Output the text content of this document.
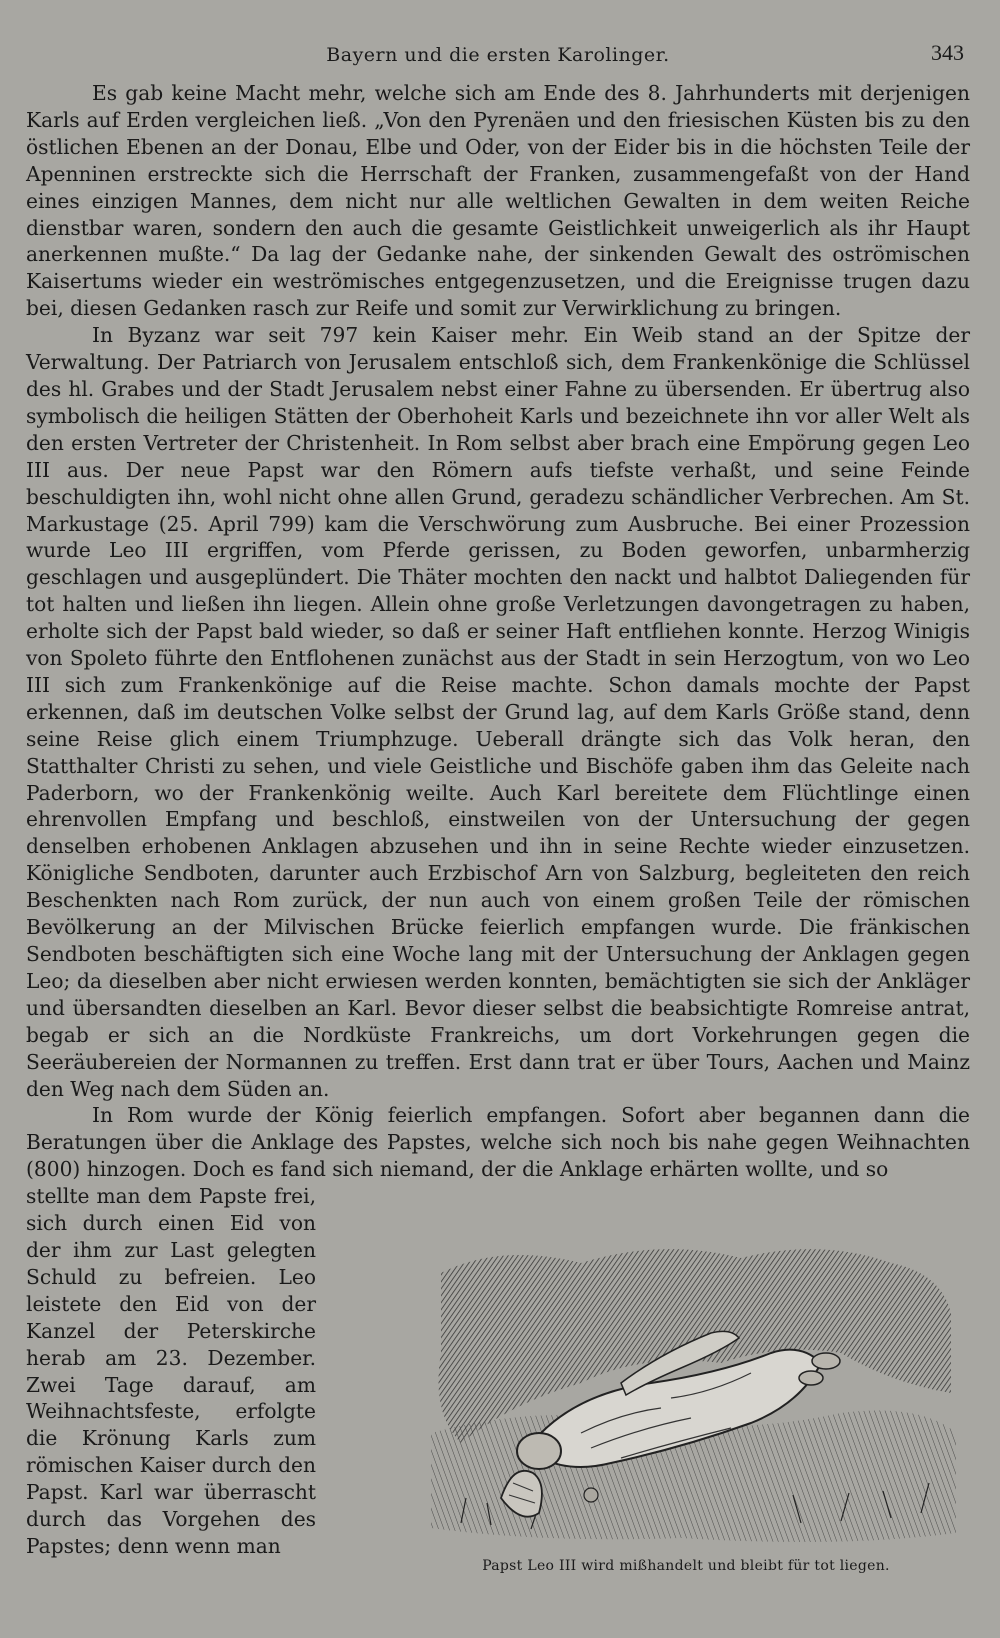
Bayern und die ersten Karolinger.	343

Es gab keine Macht mehr, welche sich am Ende des 8. Jahrhunderts mit derjenigen Karls auf Erden vergleichen ließ. „Von den Pyrenäen und den friesischen Küsten bis zu den östlichen Ebenen an der Donau, Elbe und Oder, von der Eider bis in die höchsten Teile der Apenninen erstreckte sich die Herrschaft der Franken, zusammengefaßt von der Hand eines einzigen Mannes, dem nicht nur alle weltlichen Gewalten in dem weiten Reiche dienstbar waren, sondern den auch die gesamte Geistlichkeit unweigerlich als ihr Haupt anerkennen mußte.“ Da lag der Gedanke nahe, der sinkenden Gewalt des oströmischen Kaisertums wieder ein weströmisches entgegenzusetzen, und die Ereignisse trugen dazu bei, diesen Gedanken rasch zur Reife und somit zur Verwirklichung zu bringen.

In Byzanz war seit 797 kein Kaiser mehr. Ein Weib stand an der Spitze der Verwaltung. Der Patriarch von Jerusalem entschloß sich, dem Frankenkönige die Schlüssel des hl. Grabes und der Stadt Jerusalem nebst einer Fahne zu übersenden. Er übertrug also symbolisch die heiligen Stätten der Oberhoheit Karls und bezeichnete ihn vor aller Welt als den ersten Vertreter der Christenheit. In Rom selbst aber brach eine Empörung gegen Leo III aus. Der neue Papst war den Römern aufs tiefste verhaßt, und seine Feinde beschuldigten ihn, wohl nicht ohne allen Grund, geradezu schändlicher Verbrechen. Am St. Markustage (25. April 799) kam die Verschwörung zum Ausbruche. Bei einer Prozession wurde Leo III ergriffen, vom Pferde gerissen, zu Boden geworfen, unbarmherzig geschlagen und ausgeplündert. Die Thäter mochten den nackt und halbtot Daliegenden für tot halten und ließen ihn liegen. Allein ohne große Verletzungen davongetragen zu haben, erholte sich der Papst bald wieder, so daß er seiner Haft entfliehen konnte. Herzog Winigis von Spoleto führte den Entflohenen zunächst aus der Stadt in sein Herzogtum, von wo Leo III sich zum Frankenkönige auf die Reise machte. Schon damals mochte der Papst erkennen, daß im deutschen Volke selbst der Grund lag, auf dem Karls Größe stand, denn seine Reise glich einem Triumphzuge. Ueberall drängte sich das Volk heran, den Statthalter Christi zu sehen, und viele Geistliche und Bischöfe gaben ihm das Geleite nach Paderborn, wo der Frankenkönig weilte. Auch Karl bereitete dem Flüchtlinge einen ehrenvollen Empfang und beschloß, einstweilen von der Untersuchung der gegen denselben erhobenen Anklagen abzusehen und ihn in seine Rechte wieder einzusetzen. Königliche Sendboten, darunter auch Erzbischof Arn von Salzburg, begleiteten den reich Beschenkten nach Rom zurück, der nun auch von einem großen Teile der römischen Bevölkerung an der Milvischen Brücke feierlich empfangen wurde. Die fränkischen Sendboten beschäftigten sich eine Woche lang mit der Untersuchung der Anklagen gegen Leo; da dieselben aber nicht erwiesen werden konnten, bemächtigten sie sich der Ankläger und übersandten dieselben an Karl. Bevor dieser selbst die beabsichtigte Romreise antrat, begab er sich an die Nordküste Frankreichs, um dort Vorkehrungen gegen die Seeräubereien der Normannen zu treffen. Erst dann trat er über Tours, Aachen und Mainz den Weg nach dem Süden an.

In Rom wurde der König feierlich empfangen. Sofort aber begannen dann die Beratungen über die Anklage des Papstes, welche sich noch bis nahe gegen Weihnachten (800) hinzogen. Doch es fand sich niemand, der die Anklage erhärten wollte, und so

stellte man dem Papste frei, sich durch einen Eid von der ihm zur Last gelegten Schuld zu befreien. Leo leistete den Eid von der Kanzel der Peterskirche herab am 23. Dezember. Zwei Tage darauf, am Weihnachtsfeste, erfolgte die Krönung Karls zum römischen Kaiser durch den Papst. Karl war überrascht durch das Vorgehen des Papstes; denn wenn man
Papst Leo III wird mißhandelt und bleibt für tot liegen.
